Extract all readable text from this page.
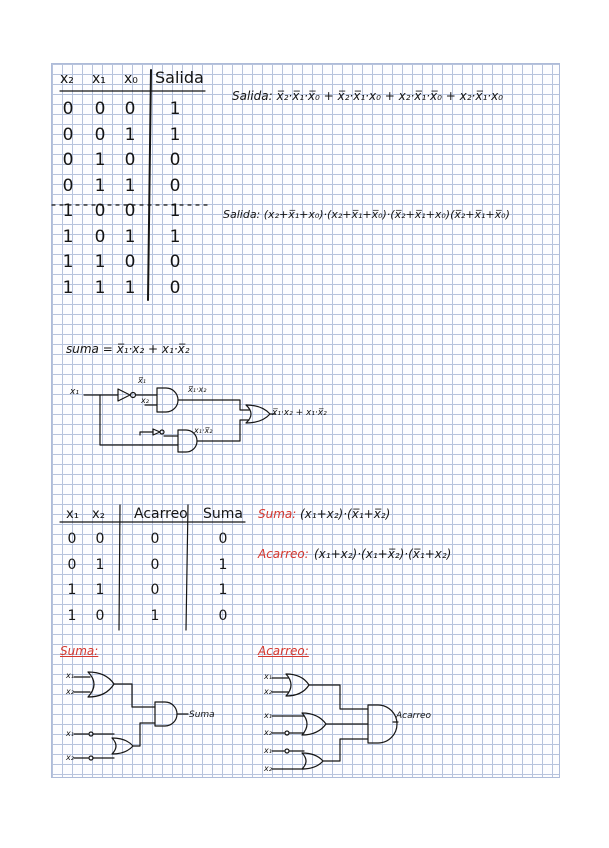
x₂ x₁ x₀ Salida
0	0	0	1
0	0	1	1
0	1	0	0
0	1	1	0
1	0	0	1
1	0	1	1
1	1	0	0
1	1	1	0
Salida: x̅₂·x̅₁·x̅₀ + x̅₂·x̅₁·x₀ + x₂·x̅₁·x̅₀ + x₂·x̅₁·x₀
Salida: (x₂+x̅₁+x₀)·(x₂+x̅₁+x̅₀)·(x̅₂+x̅₁+x₀)(x̅₂+x̅₁+x̅₀)
suma = x̅₁·x₂ + x₁·x̅₂
x₁
x̅₁
x₂
x̅₁·x₂
x₁·x̅₂
x̅₁·x₂ + x₁·x̅₂
x₁ x₂ Acarreo Suma
0	0	0	0
0	1	0	1
1	1	0	1
1	0	1	0
Suma: (x₁+x₂)·(x̅₁+x̅₂)
Acarreo: (x₁+x₂)·(x₁+x̅₂)·(x̅₁+x₂)
Suma:
x₁
x₂
x₁
x₂
Suma
Acarreo:
x₁
x₂
x₁
x₂
x₁
x₂
Acarreo
